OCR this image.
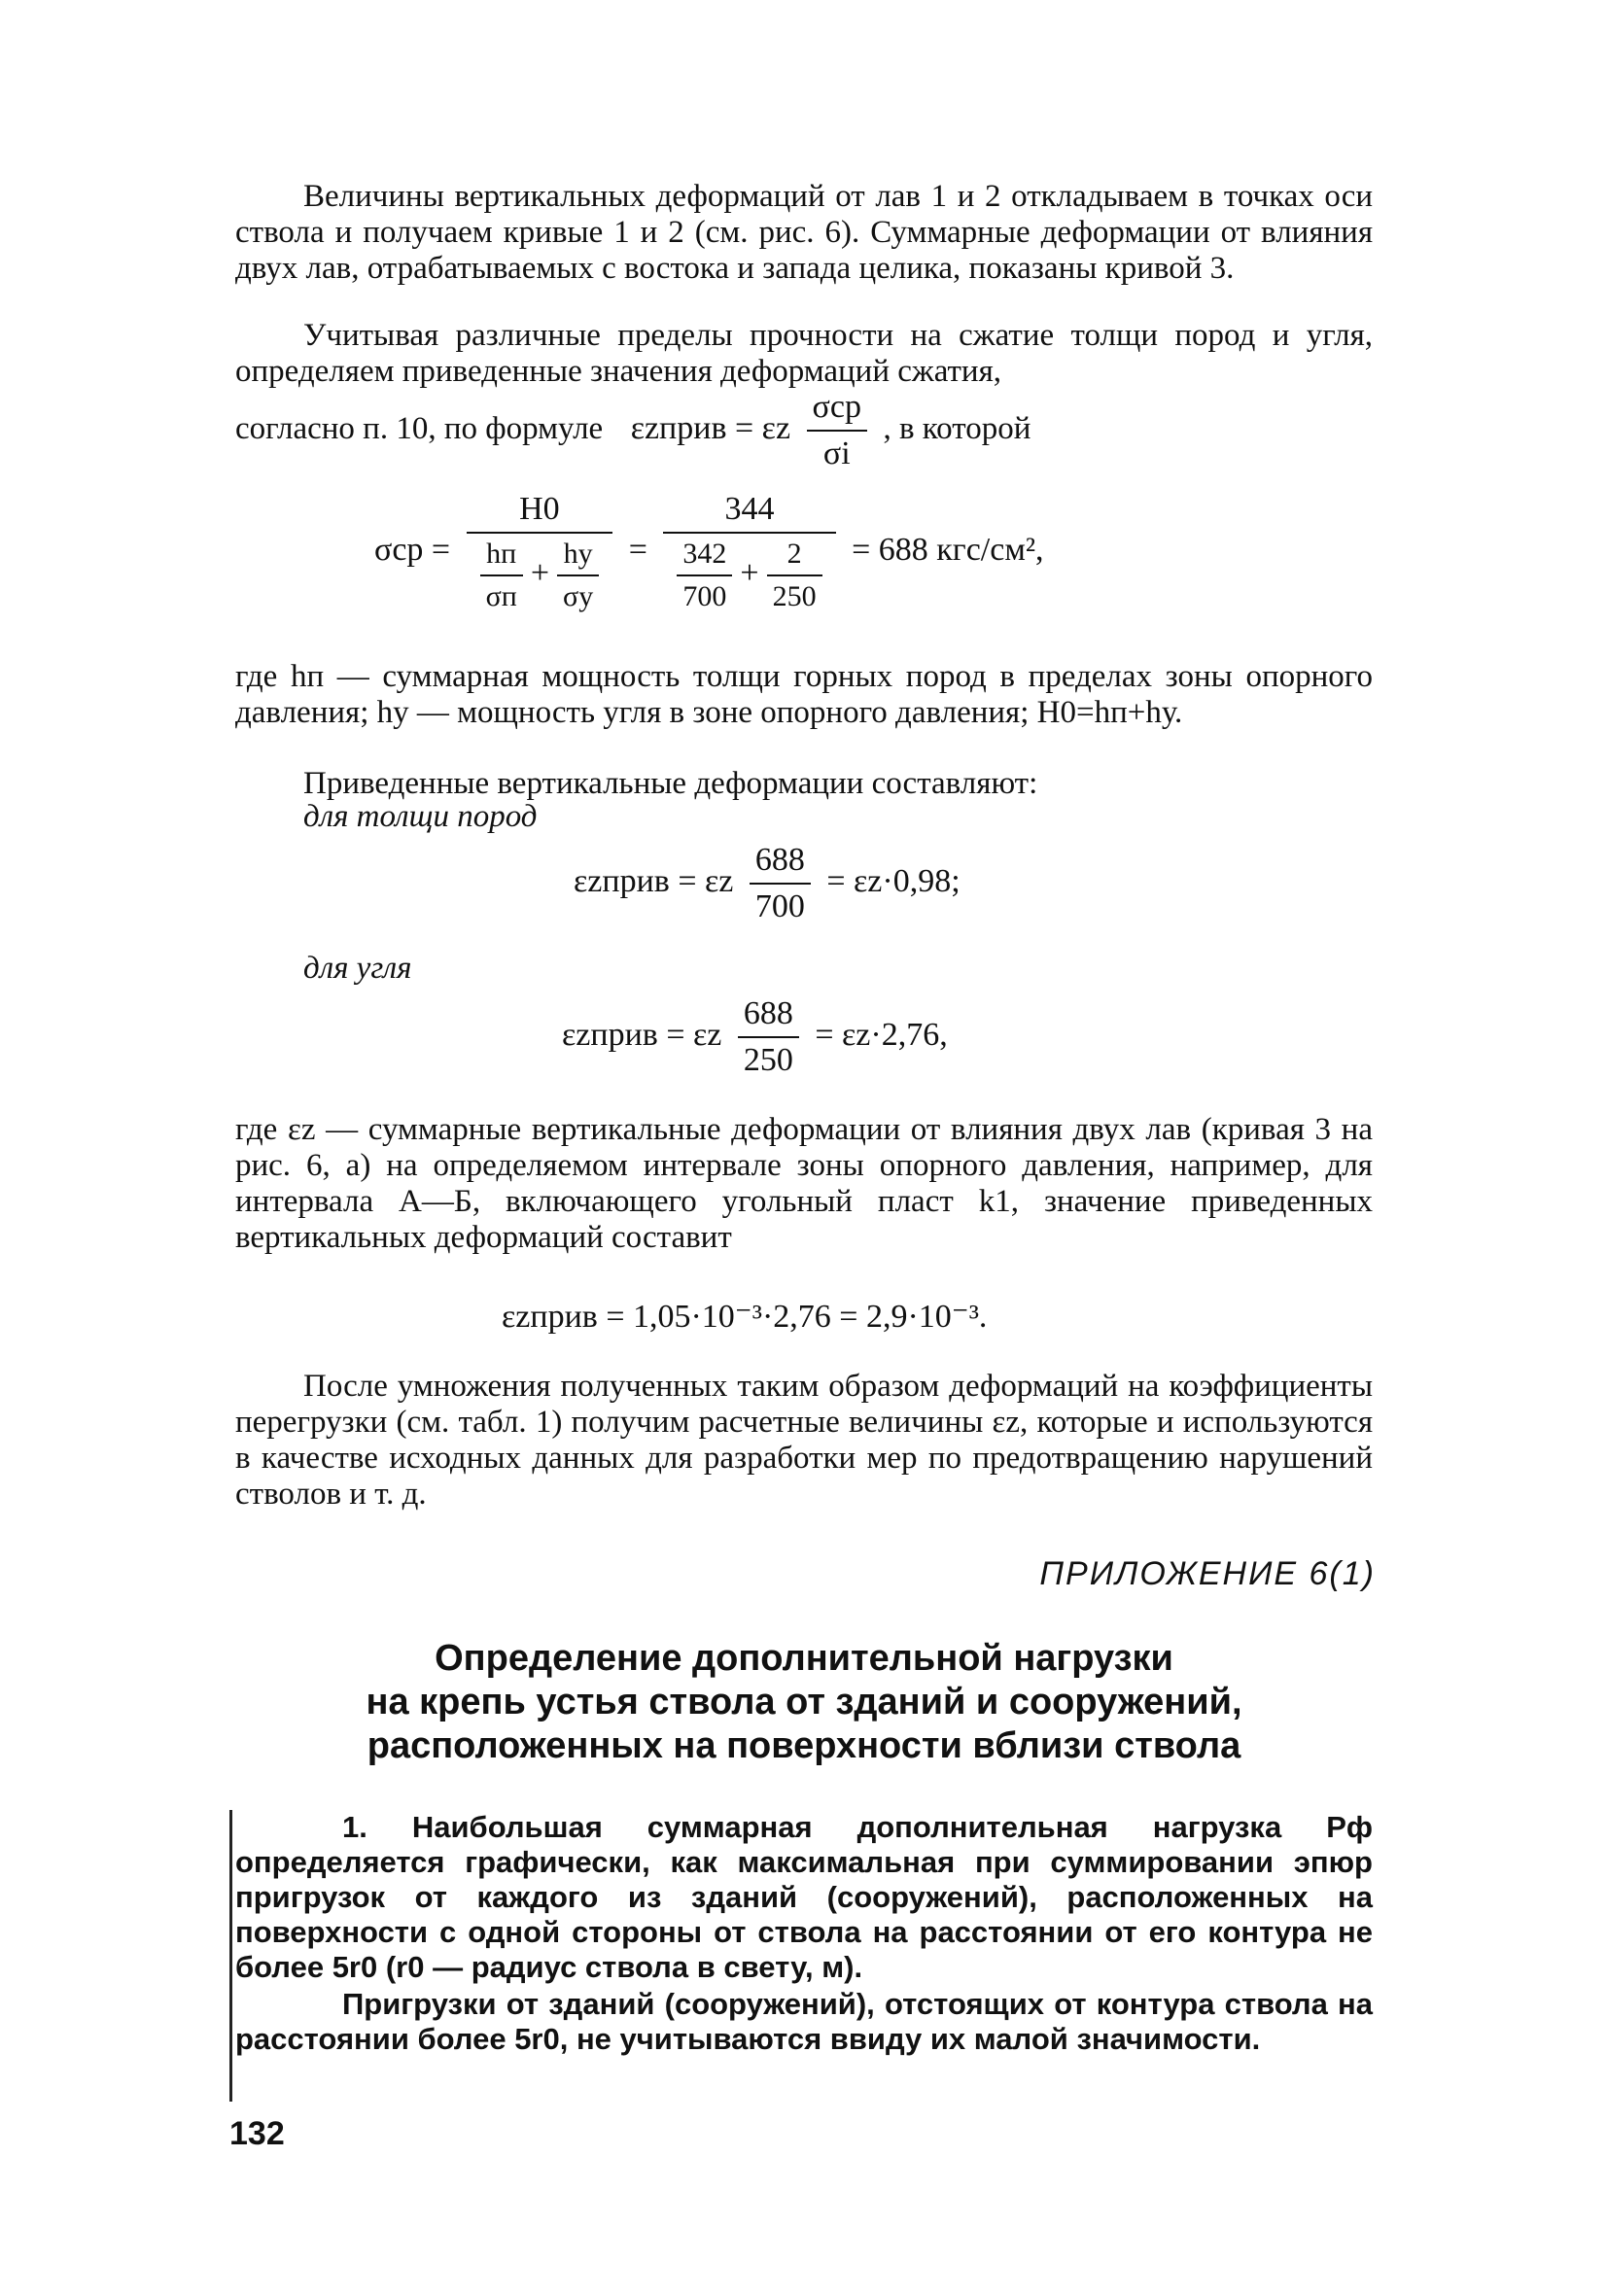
Величины вертикальных деформаций от лав 1 и 2 откладываем в точках оси ствола и получаем кривые 1 и 2 (см. рис. 6). Суммарные деформации от влияния двух лав, отрабатываемых с востока и запада целика, показаны кривой 3.
Учитывая различные пределы прочности на сжатие толщи пород и угля, определяем приведенные значения деформаций сжатия,
согласно п. 10, по формуле εzприв = εz $\frac{\text{σср}}{\sigma i}$ , в которой
$\sigma ср = \frac{H0}{\frac{hп}{\sigma п} + \frac{hу}{\sigma у}} = \frac{344}{\frac{342}{700} + \frac{2}{250}} = 688$ кгс/см²,
где hп — суммарная мощность толщи горных пород в пределах зоны опорного давления; hу — мощность угля в зоне опорного давления; H0=hп+hу.
Приведенные вертикальные деформации составляют:
для толщи пород
εzприв = εz $\frac{688}{700} = \varepsilon z\cdot 0,98$;
для угля
εzприв = εz $\frac{688}{250} = \varepsilon z\cdot 2,76$,
где εz — суммарные вертикальные деформации от влияния двух лав (кривая 3 на рис. 6, а) на определяемом интервале зоны опорного давления, например, для интервала А—Б, включающего угольный пласт k1, значение приведенных вертикальных деформаций составит
εzприв = 1,05·10⁻³·2,76 = 2,9·10⁻³.
После умножения полученных таким образом деформаций на коэффициенты перегрузки (см. табл. 1) получим расчетные величины εz, которые и используются в качестве исходных данных для разработки мер по предотвращению нарушений стволов и т. д.
ПРИЛОЖЕНИЕ 6(1)
Определение дополнительной нагрузки
на крепь устья ствола от зданий и сооружений,
расположенных на поверхности вблизи ствола
1. Наибольшая суммарная дополнительная нагрузка Pф определяется графически, как максимальная при суммировании эпюр пригрузок от каждого из зданий (сооружений), расположенных на поверхности с одной стороны от ствола на расстоянии от его контура не более 5r0 (r0 — радиус ствола в свету, м).
Пригрузки от зданий (сооружений), отстоящих от контура ствола на расстоянии более 5r0, не учитываются ввиду их малой значимости.
132
